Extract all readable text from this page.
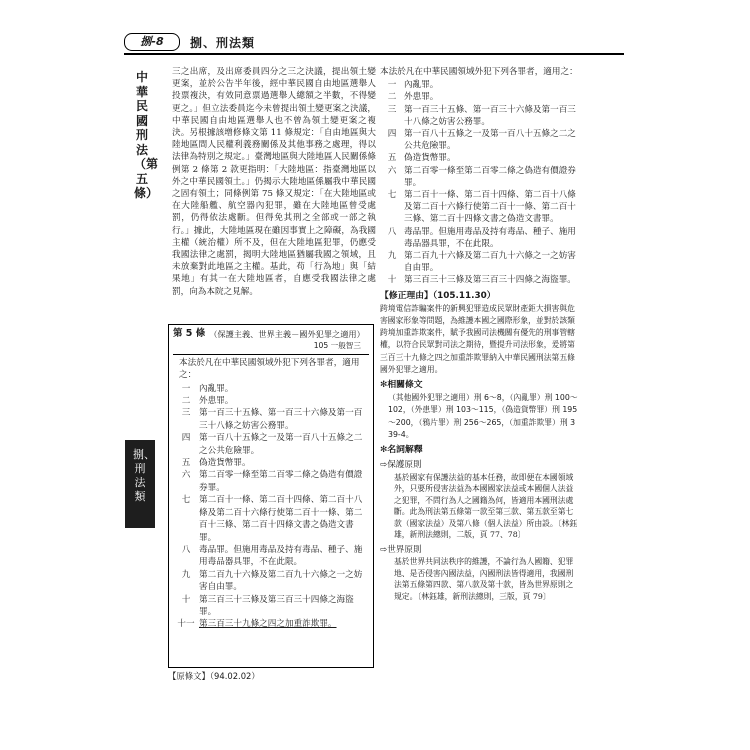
捌-8	捌、刑法類
中華民國刑法（第五條）
捌、刑法類
三之出席，及出席委員四分之三之決議，提出領土變更案，並於公告半年後，經中華民國自由地區選舉人投票複決，有效同意票過選舉人總額之半數，不得變更之。」但立法委員迄今未曾提出領土變更案之決議，中華民國自由地區選舉人也不曾為領土變更案之複決。另根據該增修條文第 11 條規定：「自由地區與大陸地區間人民權利義務關係及其他事務之處理，得以法律為特別之規定。」臺灣地區與大陸地區人民關係條例第 2 條第 2 款更指明：「大陸地區：指臺灣地區以外之中華民國領土。」仍揭示大陸地區係屬我中華民國之固有領土；同條例第 75 條又規定：「在大陸地區或在大陸船艦、航空器內犯罪，雖在大陸地區曾受處罰，仍得依法處斷。但得免其刑之全部或一部之執行。」據此，大陸地區現在雖因事實上之障礙，為我國主權（統治權）所不及，但在大陸地區犯罪，仍應受我國法律之處罰，揭明大陸地區猶屬我國之領域，且未放棄對此地區之主權。基此，苟「行為地」與「結果地」有其一在大陸地區者，自應受我國法律之處罰，向為本院之見解。
第 5 條 （保護主義、世界主義－國外犯罪之適用）
105 一般智三
本法於凡在中華民國領域外犯下列各罪者，適用之：
一	內亂罪。
二	外患罪。
三	第一百三十五條、第一百三十六條及第一百三十八條之妨害公務罪。
四	第一百八十五條之一及第一百八十五條之二之公共危險罪。
五	偽造貨幣罪。
六	第二百零一條至第二百零二條之偽造有價證券罪。
七	第二百十一條、第二百十四條、第二百十八條及第二百十六條行使第二百十一條、第二百十三條、第二百十四條文書之偽造文書罪。
八	毒品罪。但施用毒品及持有毒品、種子、施用毒品器具罪，不在此限。
九	第二百九十六條及第二百九十六條之一之妨害自由罪。
十	第三百三十三條及第三百三十四條之海盜罪。
十一 第三百三十九條之四之加重詐欺罪。
【原條文】（94.02.02）
本法於凡在中華民國領域外犯下列各罪者，適用之：
一 內亂罪。
二 外患罪。
三 第一百三十五條、第一百三十六條及第一百三十八條之妨害公務罪。
四 第一百八十五條之一及第一百八十五條之二之公共危險罪。
五 偽造貨幣罪。
六 第二百零一條至第二百零二條之偽造有價證券罪。
七 第二百十一條、第二百十四條、第二百十八條及第二百十六條行使第二百十一條、第二百十三條、第二百十四條文書之偽造文書罪。
八 毒品罪。但施用毒品及持有毒品、種子、施用毒品器具罪，不在此限。
九 第二百九十六條及第二百九十六條之一之妨害自由罪。
十 第三百三十三條及第三百三十四條之海盜罪。
【修正理由】（105.11.30）
跨境電信詐騙案件的新興犯罪造成民眾財產鉅大損害與危害國家形象等問題，為維護本國之國際形象，並對於該類跨境加重詐欺案件，賦予我國司法機關有優先的刑事管轄權，以符合民眾對司法之期待，暨提升司法形象，爰將第三百三十九條之四之加重詐欺罪納入中華民國刑法第五條國外犯罪之適用。
✻相關條文
（其他國外犯罪之適用）刑 6～8，（內亂罪）刑 100～102，（外患罪）刑 103～115，（偽造貨幣罪）刑 195～200，（鴉片罪）刑 256～265，（加重詐欺罪）刑 339-4。
✻名詞解釋
⇨保護原則
基於國家有保護法益的基本任務，故即便在本國領域外，只要所侵害法益為本國國家法益或本國個人法益之犯罪，不問行為人之國籍為何，皆適用本國刑法處斷。此為刑法第五條第一款至第三款、第五款至第七款（國家法益）及第八條（個人法益）所由設。〔林鈺雄，新刑法總則，二版，頁 77、78〕
⇨世界原則
基於世界共同法秩序的維護，不論行為人國籍、犯罪地、是否侵害內國法益，內國刑法皆得適用，我國刑法第五條第四款、第八款及第十款，皆為世界原則之規定。〔林鈺雄，新刑法總則，三版，頁 79〕
